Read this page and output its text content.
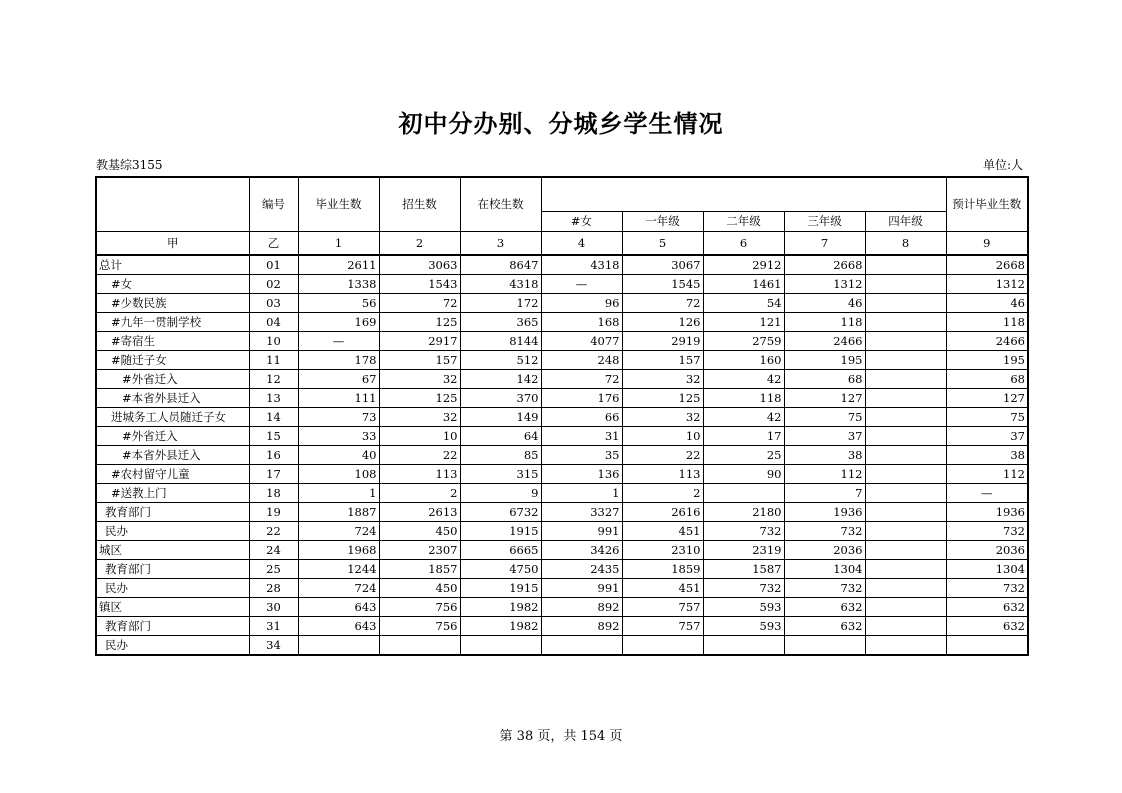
初中分办别、分城乡学生情况
教基综3155	单位:人
	编号	毕业生数	招生数	在校生数						预计毕业生数
					#女	一年级	二年级	三年级	四年级	
甲	乙	1	2	3	4	5	6	7	8	9
总计	01	2611	3063	8647	4318	3067	2912	2668		2668
#女	02	1338	1543	4318	—	1545	1461	1312		1312
#少数民族	03	56	72	172	96	72	54	46		46
#九年一贯制学校	04	169	125	365	168	126	121	118		118
#寄宿生	10	—	2917	8144	4077	2919	2759	2466		2466
#随迁子女	11	178	157	512	248	157	160	195		195
#外省迁入	12	67	32	142	72	32	42	68		68
#本省外县迁入	13	111	125	370	176	125	118	127		127
进城务工人员随迁子女	14	73	32	149	66	32	42	75		75
#外省迁入	15	33	10	64	31	10	17	37		37
#本省外县迁入	16	40	22	85	35	22	25	38		38
#农村留守儿童	17	108	113	315	136	113	90	112		112
#送教上门	18	1	2	9	1	2		7		—
教育部门	19	1887	2613	6732	3327	2616	2180	1936		1936
民办	22	724	450	1915	991	451	732	732		732
城区	24	1968	2307	6665	3426	2310	2319	2036		2036
教育部门	25	1244	1857	4750	2435	1859	1587	1304		1304
民办	28	724	450	1915	991	451	732	732		732
镇区	30	643	756	1982	892	757	593	632		632
教育部门	31	643	756	1982	892	757	593	632		632
民办	34									
第 38 页，共 154 页
